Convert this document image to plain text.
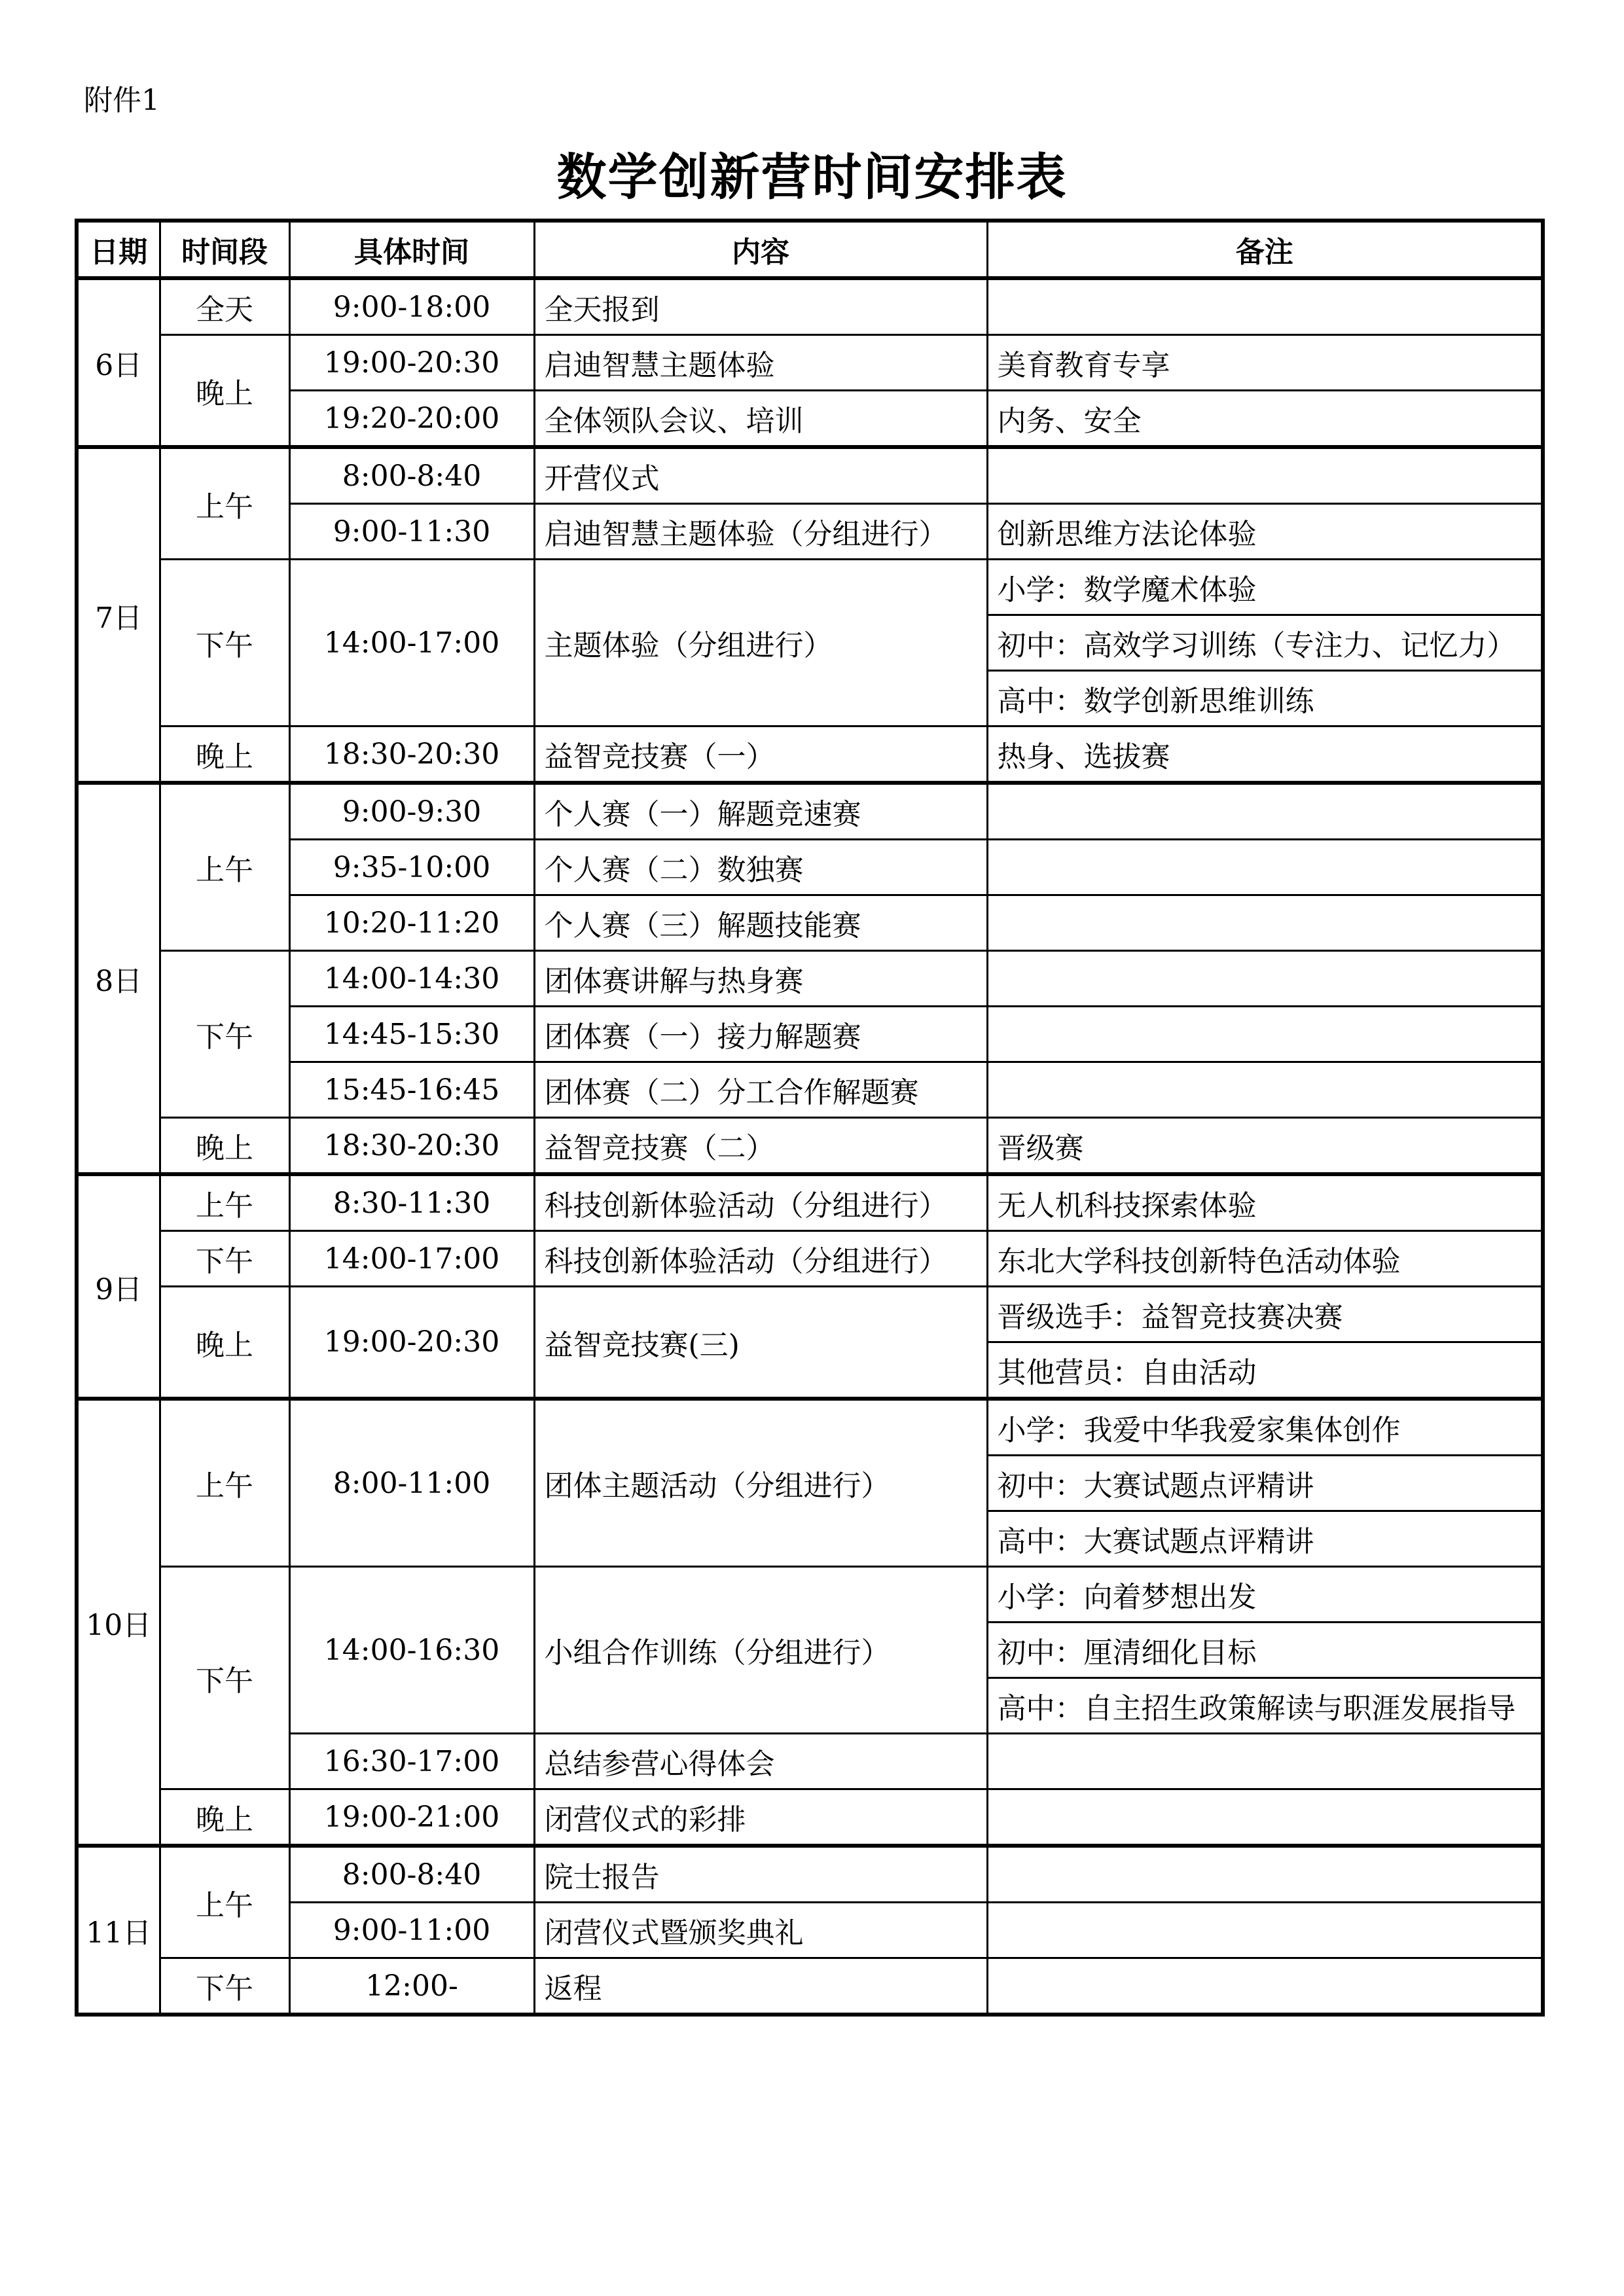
附件1
数学创新营时间安排表
日期	时间段	具体时间	内容	备注
6日	全天	9:00-18:00	全天报到	
	晚上	19:00-20:30	启迪智慧主题体验	美育教育专享
		19:20-20:00	全体领队会议、培训	内务、安全
7日	上午	8:00-8:40	开营仪式	
		9:00-11:30	启迪智慧主题体验（分组进行）	创新思维方法论体验
	下午	14:00-17:00	主题体验（分组进行）	小学：数学魔术体验
				初中：高效学习训练（专注力、记忆力）
				高中：数学创新思维训练
	晚上	18:30-20:30	益智竞技赛（一）	热身、选拔赛
8日	上午	9:00-9:30	个人赛（一）解题竞速赛	
		9:35-10:00	个人赛（二）数独赛	
		10:20-11:20	个人赛（三）解题技能赛	
	下午	14:00-14:30	团体赛讲解与热身赛	
		14:45-15:30	团体赛（一）接力解题赛	
		15:45-16:45	团体赛（二）分工合作解题赛	
	晚上	18:30-20:30	益智竞技赛（二）	晋级赛
9日	上午	8:30-11:30	科技创新体验活动（分组进行）	无人机科技探索体验
	下午	14:00-17:00	科技创新体验活动（分组进行）	东北大学科技创新特色活动体验
	晚上	19:00-20:30	益智竞技赛(三)	晋级选手：益智竞技赛决赛
				其他营员：自由活动
10日	上午	8:00-11:00	团体主题活动（分组进行）	小学：我爱中华我爱家集体创作
				初中：大赛试题点评精讲
				高中：大赛试题点评精讲
	下午	14:00-16:30	小组合作训练（分组进行）	小学：向着梦想出发
				初中：厘清细化目标
				高中：自主招生政策解读与职涯发展指导
		16:30-17:00	总结参营心得体会	
	晚上	19:00-21:00	闭营仪式的彩排	
11日	上午	8:00-8:40	院士报告	
		9:00-11:00	闭营仪式暨颁奖典礼	
	下午	12:00-	返程	
